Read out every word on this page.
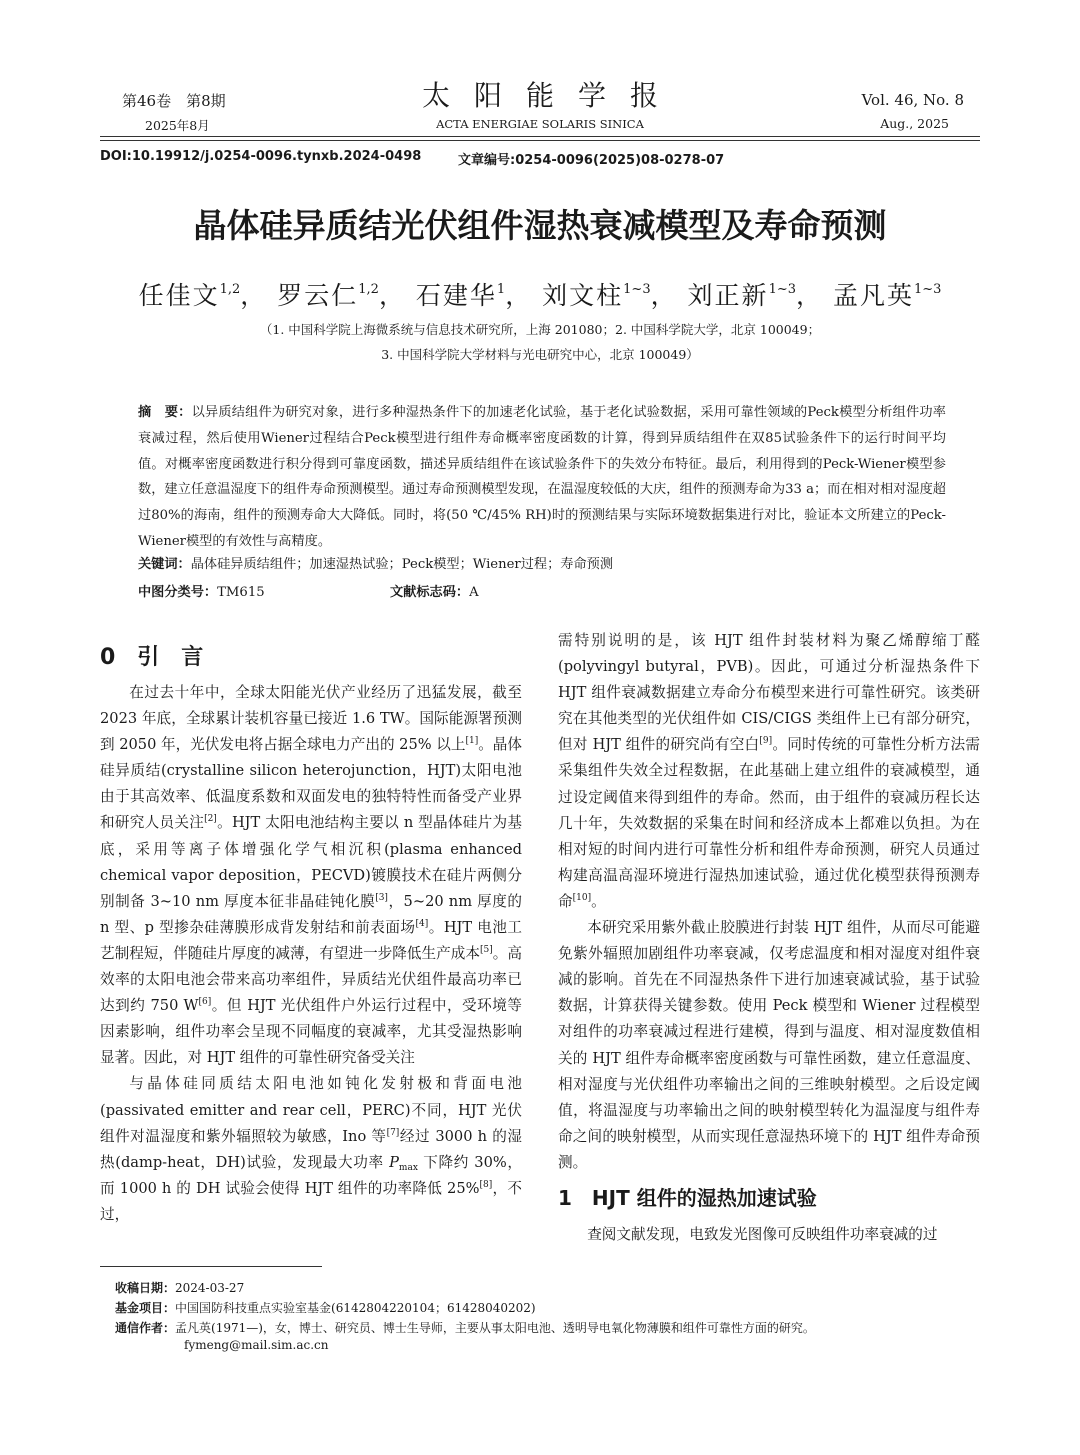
第46卷　第8期
2025年8月
太阳能学报
ACTA ENERGIAE SOLARIS SINICA
Vol. 46, No. 8
Aug., 2025
DOI:10.19912/j.0254-0096.tynxb.2024-0498	文章编号:0254-0096(2025)08-0278-07
晶体硅异质结光伏组件湿热衰减模型及寿命预测
任佳文$^{1,2}$， 罗云仁$^{1,2}$， 石建华$^1$， 刘文柱$^{1\sim 3}$， 刘正新$^{1\sim 3}$， 孟凡英$^{1\sim 3}$
（1. 中国科学院上海微系统与信息技术研究所，上海 201080；2. 中国科学院大学，北京 100049；
3. 中国科学院大学材料与光电研究中心，北京 100049）
摘　要：以异质结组件为研究对象，进行多种湿热条件下的加速老化试验，基于老化试验数据，采用可靠性领域的Peck模型分析组件功率衰减过程，然后使用Wiener过程结合Peck模型进行组件寿命概率密度函数的计算，得到异质结组件在双85试验条件下的运行时间平均值。对概率密度函数进行积分得到可靠度函数，描述异质结组件在该试验条件下的失效分布特征。最后，利用得到的Peck-Wiener模型参数，建立任意温湿度下的组件寿命预测模型。通过寿命预测模型发现，在温湿度较低的大庆，组件的预测寿命为33 a；而在相对相对湿度超过80%的海南，组件的预测寿命大大降低。同时，将(50 ℃/45% RH)时的预测结果与实际环境数据集进行对比，验证本文所建立的Peck-Wiener模型的有效性与高精度。
关键词：晶体硅异质结组件；加速湿热试验；Peck模型；Wiener过程；寿命预测
中图分类号：TM615	文献标志码：A
0　引　言

在过去十年中，全球太阳能光伏产业经历了迅猛发展，截至 2023 年底，全球累计装机容量已接近 1.6 TW。国际能源署预测到 2050 年，光伏发电将占据全球电力产出的 25% 以上[1]。晶体硅异质结(crystalline silicon heterojunction，HJT)太阳电池由于其高效率、低温度系数和双面发电的独特特性而备受产业界和研究人员关注[2]。HJT 太阳电池结构主要以 n 型晶体硅片为基底，采用等离子体增强化学气相沉积(plasma enhanced chemical vapor deposition，PECVD)镀膜技术在硅片两侧分别制备 3~10 nm 厚度本征非晶硅钝化膜[3]，5~20 nm 厚度的 n 型、p 型掺杂硅薄膜形成背发射结和前表面场[4]。HJT 电池工艺制程短，伴随硅片厚度的减薄，有望进一步降低生产成本[5]。高效率的太阳电池会带来高功率组件，异质结光伏组件最高功率已达到约 750 W[6]。但 HJT 光伏组件户外运行过程中，受环境等因素影响，组件功率会呈现不同幅度的衰减率，尤其受湿热影响显著。因此，对 HJT 组件的可靠性研究备受关注

与晶体硅同质结太阳电池如钝化发射极和背面电池(passivated emitter and rear cell，PERC)不同，HJT 光伏组件对温湿度和紫外辐照较为敏感，Ino 等[7]经过 3000 h 的湿热(damp-heat，DH)试验，发现最大功率 $P_{max}$ 下降约 30%，而 1000 h 的 DH 试验会使得 HJT 组件的功率降低 25%[8]，不过，

需特别说明的是，该 HJT 组件封装材料为聚乙烯醇缩丁醛(polyvingyl butyral，PVB)。因此，可通过分析湿热条件下 HJT 组件衰减数据建立寿命分布模型来进行可靠性研究。该类研究在其他类型的光伏组件如 CIS/CIGS 类组件上已有部分研究，但对 HJT 组件的研究尚有空白[9]。同时传统的可靠性分析方法需采集组件失效全过程数据，在此基础上建立组件的衰减模型，通过设定阈值来得到组件的寿命。然而，由于组件的衰减历程长达几十年，失效数据的采集在时间和经济成本上都难以负担。为在相对短的时间内进行可靠性分析和组件寿命预测，研究人员通过构建高温高湿环境进行湿热加速试验，通过优化模型获得预测寿命[10]。

本研究采用紫外截止胶膜进行封装 HJT 组件，从而尽可能避免紫外辐照加剧组件功率衰减，仅考虑温度和相对湿度对组件衰减的影响。首先在不同湿热条件下进行加速衰减试验，基于试验数据，计算获得关键参数。使用 Peck 模型和 Wiener 过程模型对组件的功率衰减过程进行建模，得到与温度、相对湿度数值相关的 HJT 组件寿命概率密度函数与可靠性函数，建立任意温度、相对湿度与光伏组件功率输出之间的三维映射模型。之后设定阈值，将温湿度与功率输出之间的映射模型转化为温湿度与组件寿命之间的映射模型，从而实现任意湿热环境下的 HJT 组件寿命预测。

1　HJT 组件的湿热加速试验

查阅文献发现，电致发光图像可反映组件功率衰减的过

收稿日期：2024-03-27
基金项目：中国国防科技重点实验室基金(6142804220104；61428040202)
通信作者：孟凡英(1971—)，女，博士、研究员、博士生导师，主要从事太阳电池、透明导电氧化物薄膜和组件可靠性方面的研究。
fymeng@mail.sim.ac.cn
